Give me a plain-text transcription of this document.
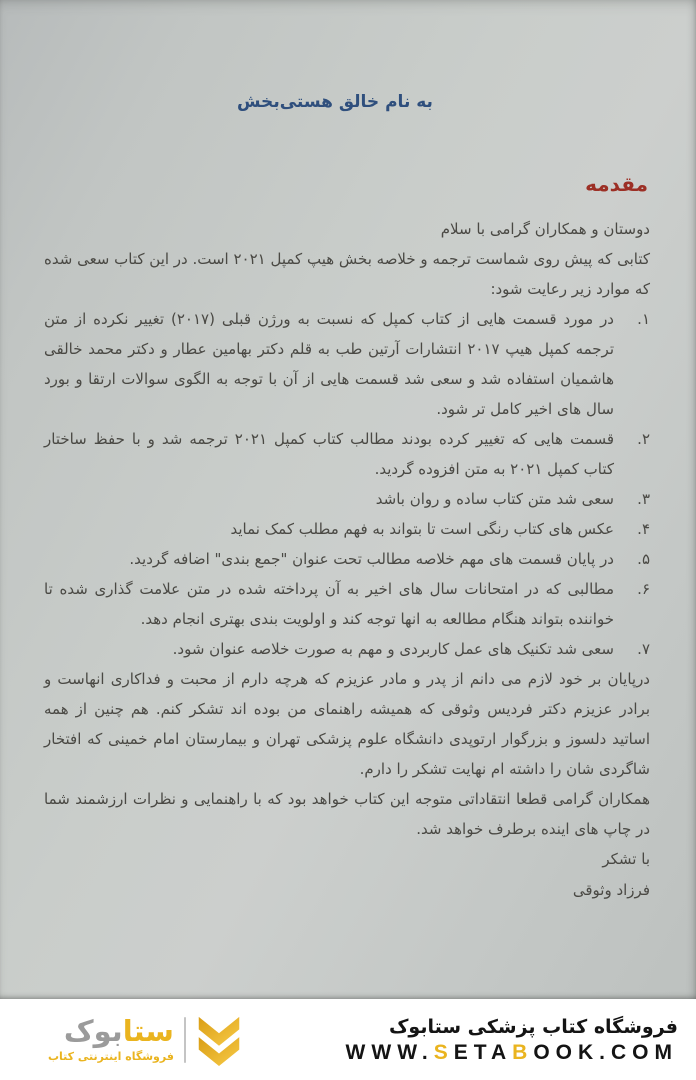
به نام خالق هستی‌بخش
مقدمه

دوستان و همکاران گرامی با سلام

کتابی که پیش روی شماست ترجمه و خلاصه بخش هیپ کمپل ۲۰۲۱ است. در این کتاب سعی شده که موارد زیر رعایت شود:

۱.
در مورد قسمت هایی از کتاب کمپل که نسبت به ورژن قبلی (۲۰۱۷) تغییر نکرده از متن ترجمه کمپل هیپ ۲۰۱۷ انتشارات آرتین طب به قلم دکتر بهامین عطار و دکتر محمد خالقی هاشمیان استفاده شد و سعی شد قسمت هایی از آن با توجه به الگوی سوالات ارتقا و بورد سال های اخیر کامل تر شود.
۲.
قسمت هایی که تغییر کرده بودند مطالب کتاب کمپل ۲۰۲۱ ترجمه شد و با حفظ ساختار کتاب کمپل ۲۰۲۱ به متن افزوده گردید.
۳.
سعی شد متن کتاب ساده و روان باشد
۴.
عکس های کتاب رنگی است تا بتواند به فهم مطلب کمک نماید
۵.
در پایان قسمت های مهم خلاصه مطالب تحت عنوان "جمع بندی" اضافه گردید.
۶.
مطالبی که در امتحانات سال های اخیر به آن پرداخته شده در متن علامت گذاری شده تا خواننده بتواند هنگام مطالعه به انها توجه کند و اولویت بندی بهتری انجام دهد.
۷.
سعی شد تکنیک های عمل کاربردی و مهم به صورت خلاصه عنوان شود.

درپایان بر خود لازم می دانم از پدر و مادر عزیزم که هرچه دارم از محبت و فداکاری انهاست و برادر عزیزم دکتر فردیس وثوقی که همیشه راهنمای من بوده اند تشکر کنم. هم چنین از همه اساتید دلسوز و بزرگوار ارتوپدی دانشگاه علوم پزشکی تهران و بیمارستان امام خمینی که افتخار شاگردی شان را داشته ام نهایت تشکر را دارم.

همکاران گرامی قطعا انتقاداتی متوجه این کتاب خواهد بود که با راهنمایی و نظرات ارزشمند شما در چاپ های اینده برطرف خواهد شد.

با تشکر

فرزاد وثوقی

ستابوک
فروشگاه اینترنتی کتاب
فروشگاه کتاب پزشکی ستابوک
WWW.SETABOOK.COM
